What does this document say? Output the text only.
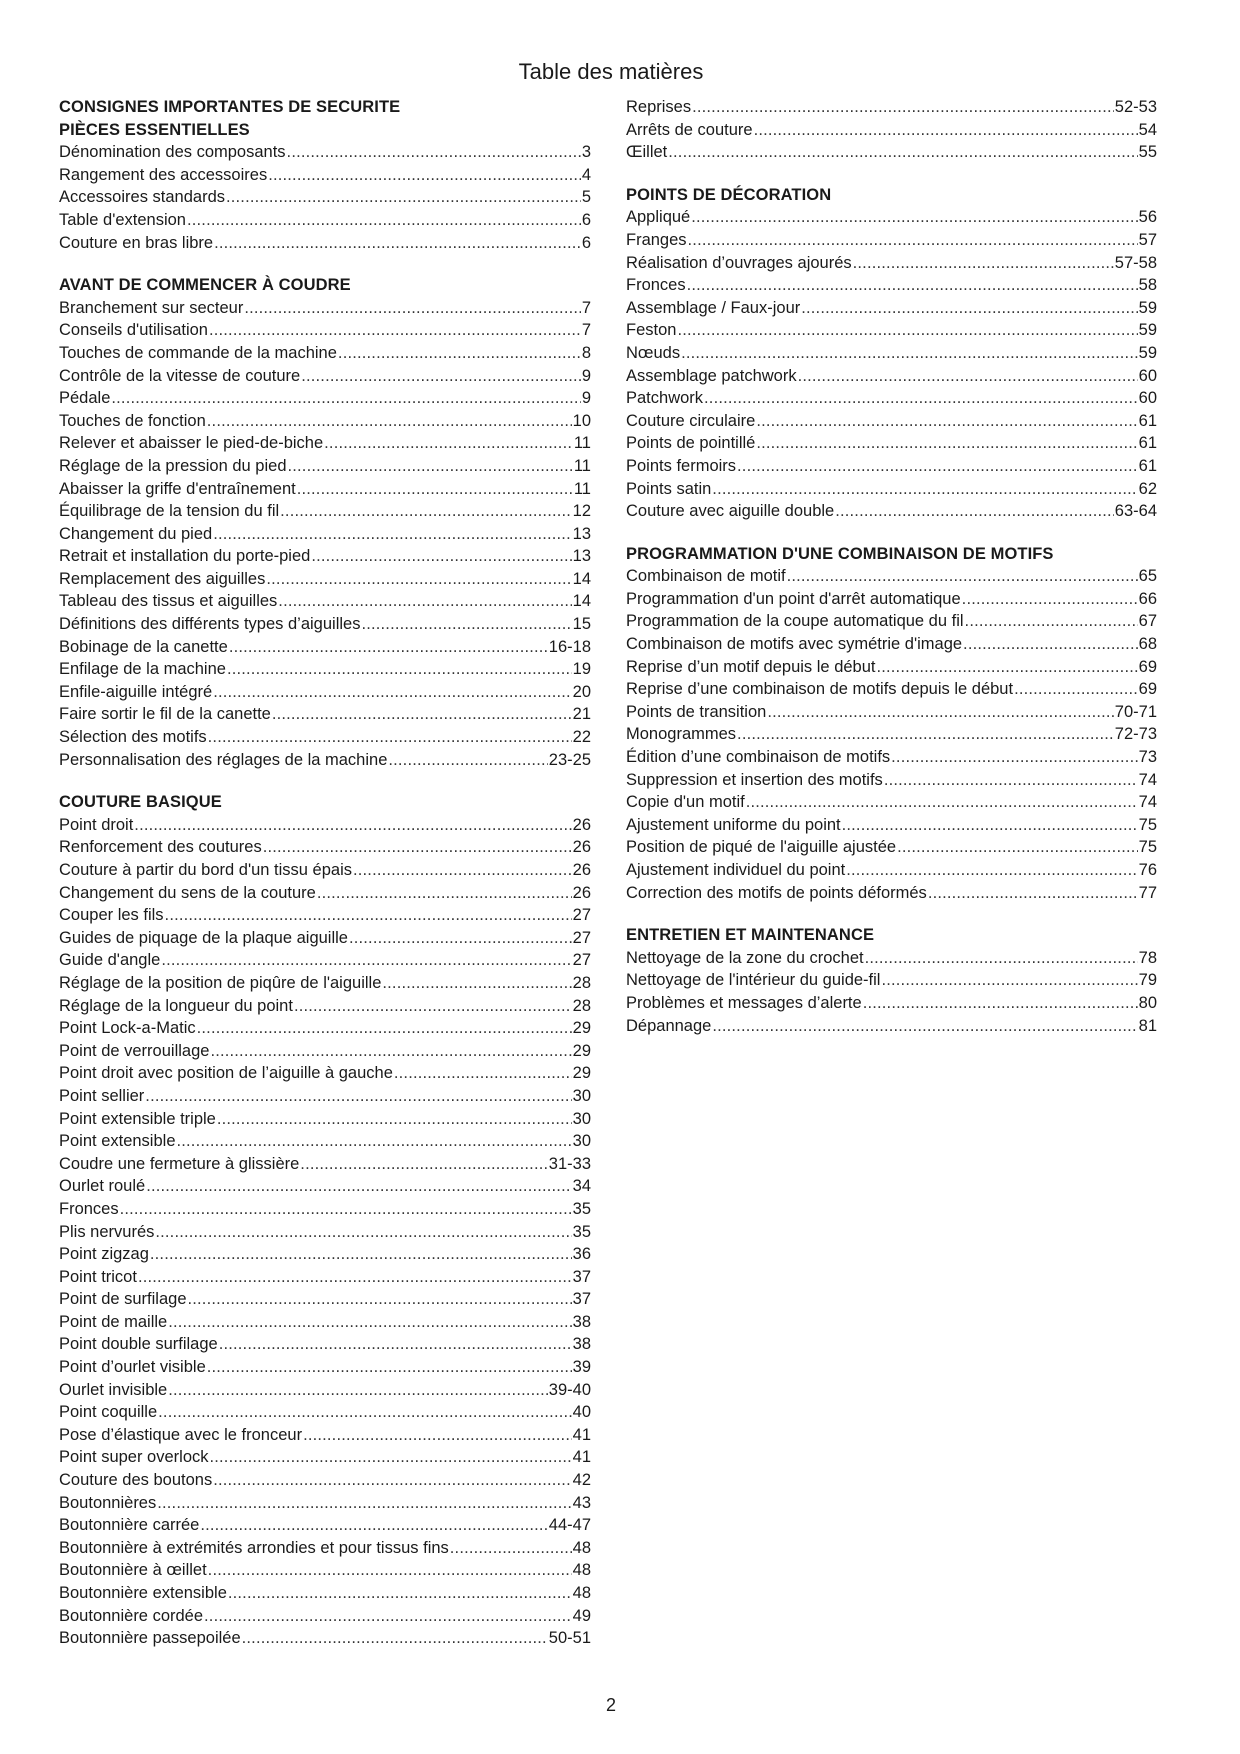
Table des matières
CONSIGNES IMPORTANTES DE SECURITE
PIÈCES ESSENTIELLES
Dénomination des composants . . .	3
Rangement des accessoires . . .	4
Accessoires standards . . .	5
Table d'extension . . .	6
Couture en bras libre . . .	6
AVANT DE COMMENCER À COUDRE
Branchement sur secteur . . .	7
Conseils d'utilisation . . .	7
Touches de commande de la machine . . .	8
Contrôle de la vitesse de couture . . .	9
Pédale . . .	9
Touches de fonction . . .	10
Relever et abaisser le pied-de-biche . . .	11
Réglage de la pression du pied . . .	11
Abaisser la griffe d'entraînement . . .	11
Équilibrage de la tension du fil . . .	12
Changement du pied . . .	13
Retrait et installation du porte-pied . . .	13
Remplacement des aiguilles . . .	14
Tableau des tissus et aiguilles . . .	14
Définitions des différents types d’aiguilles . . .	15
Bobinage de la canette . . .	16-18
Enfilage de la machine . . .	19
Enfile-aiguille intégré . . .	20
Faire sortir le fil de la canette . . .	21
Sélection des motifs . . .	22
Personnalisation des réglages de la machine . . .	23-25
COUTURE BASIQUE
Point droit . . .	26
Renforcement des coutures . . .	26
Couture à partir du bord d'un tissu épais . . .	26
Changement du sens de la couture . . .	26
Couper les fils . . .	27
Guides de piquage de la plaque aiguille . . .	27
Guide d'angle . . .	27
Réglage de la position de piqûre de l'aiguille . . .	28
Réglage de la longueur du point . . .	28
Point Lock-a-Matic . . .	29
Point de verrouillage . . .	29
Point droit avec position de l’aiguille à gauche . . .	29
Point sellier . . .	30
Point extensible triple . . .	30
Point extensible . . .	30
Coudre une fermeture à glissière . . .	31-33
Ourlet roulé . . .	34
Fronces . . .	35
Plis nervurés . . .	35
Point zigzag . . .	36
Point tricot . . .	37
Point de surfilage . . .	37
Point de maille . . .	38
Point double surfilage . . .	38
Point d’ourlet visible . . .	39
Ourlet invisible . . .	39-40
Point coquille . . .	40
Pose d’élastique avec le fronceur . . .	41
Point super overlock . . .	41
Couture des boutons . . .	42
Boutonnières . . .	43
Boutonnière carrée . . .	44-47
Boutonnière à extrémités arrondies et pour tissus fins . . .	48
Boutonnière à œillet . . .	48
Boutonnière extensible . . .	48
Boutonnière cordée . . .	49
Boutonnière passepoilée . . .	50-51
Reprises . . .	52-53
Arrêts de couture . . .	54
Œillet . . .	55
POINTS DE DÉCORATION
Appliqué . . .	56
Franges . . .	57
Réalisation d’ouvrages ajourés . . .	57-58
Fronces . . .	58
Assemblage / Faux-jour . . .	59
Feston . . .	59
Nœuds . . .	59
Assemblage patchwork . . .	60
Patchwork . . .	60
Couture circulaire . . .	61
Points de pointillé . . .	61
Points fermoirs . . .	61
Points satin . . .	62
Couture avec aiguille double . . .	63-64
PROGRAMMATION D'UNE COMBINAISON DE MOTIFS
Combinaison de motif . . .	65
Programmation d'un point d'arrêt automatique . . .	66
Programmation de la coupe automatique du fil . . .	67
Combinaison de motifs avec symétrie d'image . . .	68
Reprise d’un motif depuis le début . . .	69
Reprise d’une combinaison de motifs depuis le début . . .	69
Points de transition . . .	70-71
Monogrammes . . .	72-73
Édition d’une combinaison de motifs . . .	73
Suppression et insertion des motifs . . .	74
Copie d'un motif . . .	74
Ajustement uniforme du point . . .	75
Position de piqué de l'aiguille ajustée . . .	75
Ajustement individuel du point . . .	76
Correction des motifs de points déformés . . .	77
ENTRETIEN ET MAINTENANCE
Nettoyage de la zone du crochet . . .	78
Nettoyage de l'intérieur du guide-fil . . .	79
Problèmes et messages d’alerte . . .	80
Dépannage . . .	81
2
